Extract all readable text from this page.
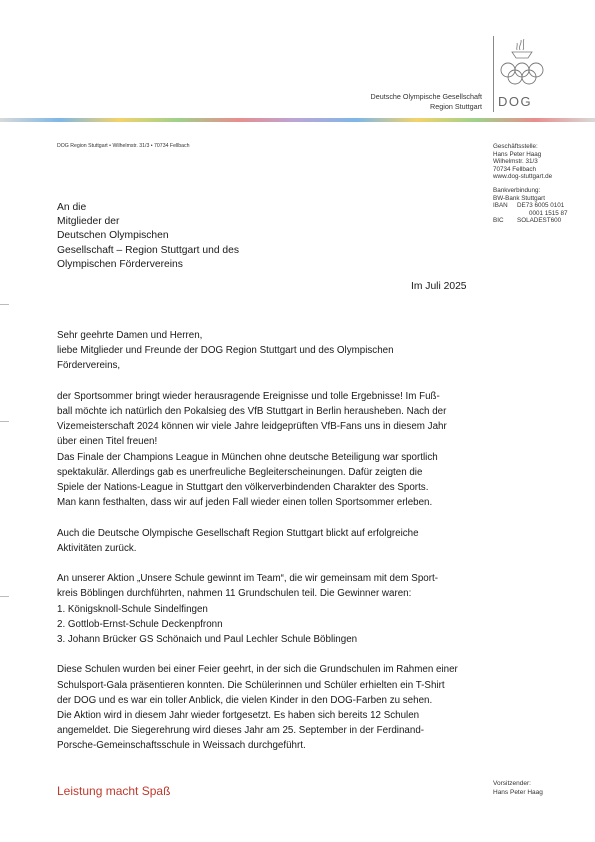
Deutsche Olympische Gesellschaft
Region Stuttgart DOG
DOG Region Stuttgart • Wilhelmstr. 31/3 • 70734 Fellbach	Geschäftsstelle:
Hans Peter Haag
Wilhelmstr. 31/3
70734 Fellbach
www.dog-stuttgart.de
Bankverbindung:
BW-Bank Stuttgart
IBAN	DE73 6005 0101
0001 1515 87
BIC	SOLADEST600
An die
Mitglieder der
Deutschen Olympischen
Gesellschaft – Region Stuttgart und des
Olympischen Fördervereins
Im Juli 2025

Sehr geehrte Damen und Herren,
liebe Mitglieder und Freunde der DOG Region Stuttgart und des Olympischen
Fördervereins,

der Sportsommer bringt wieder herausragende Ereignisse und tolle Ergebnisse! Im Fuß-
ball möchte ich natürlich den Pokalsieg des VfB Stuttgart in Berlin herausheben. Nach der
Vizemeisterschaft 2024 können wir viele Jahre leidgeprüften VfB-Fans uns in diesem Jahr
über einen Titel freuen!
Das Finale der Champions League in München ohne deutsche Beteiligung war sportlich
spektakulär. Allerdings gab es unerfreuliche Begleiterscheinungen. Dafür zeigten die
Spiele der Nations-League in Stuttgart den völkerverbindenden Charakter des Sports.
Man kann festhalten, dass wir auf jeden Fall wieder einen tollen Sportsommer erleben.

Auch die Deutsche Olympische Gesellschaft Region Stuttgart blickt auf erfolgreiche
Aktivitäten zurück.

An unserer Aktion „Unsere Schule gewinnt im Team“, die wir gemeinsam mit dem Sport-
kreis Böblingen durchführten, nahmen 11 Grundschulen teil. Die Gewinner waren:
1. Königsknoll-Schule Sindelfingen
2. Gottlob-Ernst-Schule Deckenpfronn
3. Johann Brücker GS Schönaich und Paul Lechler Schule Böblingen

Diese Schulen wurden bei einer Feier geehrt, in der sich die Grundschulen im Rahmen einer
Schulsport-Gala präsentieren konnten. Die Schülerinnen und Schüler erhielten ein T-Shirt
der DOG und es war ein toller Anblick, die vielen Kinder in den DOG-Farben zu sehen.
Die Aktion wird in diesem Jahr wieder fortgesetzt. Es haben sich bereits 12 Schulen
angemeldet. Die Siegerehrung wird dieses Jahr am 25. September in der Ferdinand-
Porsche-Gemeinschaftsschule in Weissach durchgeführt.

Leistung macht Spaß
Vorsitzender:
Hans Peter Haag
